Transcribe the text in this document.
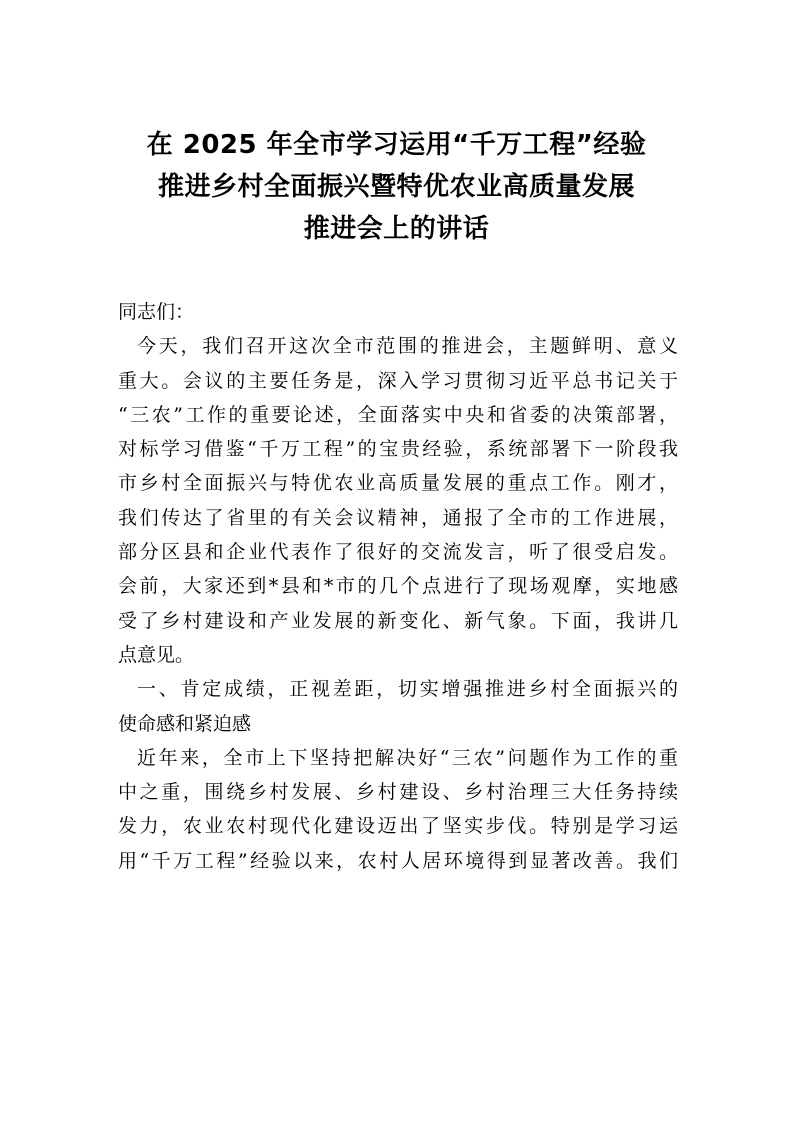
在 2025 年全市学习运用“千万工程”经验
推进乡村全面振兴暨特优农业高质量发展
推进会上的讲话
同志们：
今天，我们召开这次全市范围的推进会，主题鲜明、意义
重大。会议的主要任务是，深入学习贯彻习近平总书记关于
“三农”工作的重要论述，全面落实中央和省委的决策部署，
对标学习借鉴“千万工程”的宝贵经验，系统部署下一阶段我
市乡村全面振兴与特优农业高质量发展的重点工作。刚才，
我们传达了省里的有关会议精神，通报了全市的工作进展，
部分区县和企业代表作了很好的交流发言，听了很受启发。
会前，大家还到*县和*市的几个点进行了现场观摩，实地感
受了乡村建设和产业发展的新变化、新气象。下面，我讲几
点意见。
一、肯定成绩，正视差距，切实增强推进乡村全面振兴的
使命感和紧迫感
近年来，全市上下坚持把解决好“三农”问题作为工作的重
中之重，围绕乡村发展、乡村建设、乡村治理三大任务持续
发力，农业农村现代化建设迈出了坚实步伐。特别是学习运
用“千万工程”经验以来，农村人居环境得到显著改善。我们
